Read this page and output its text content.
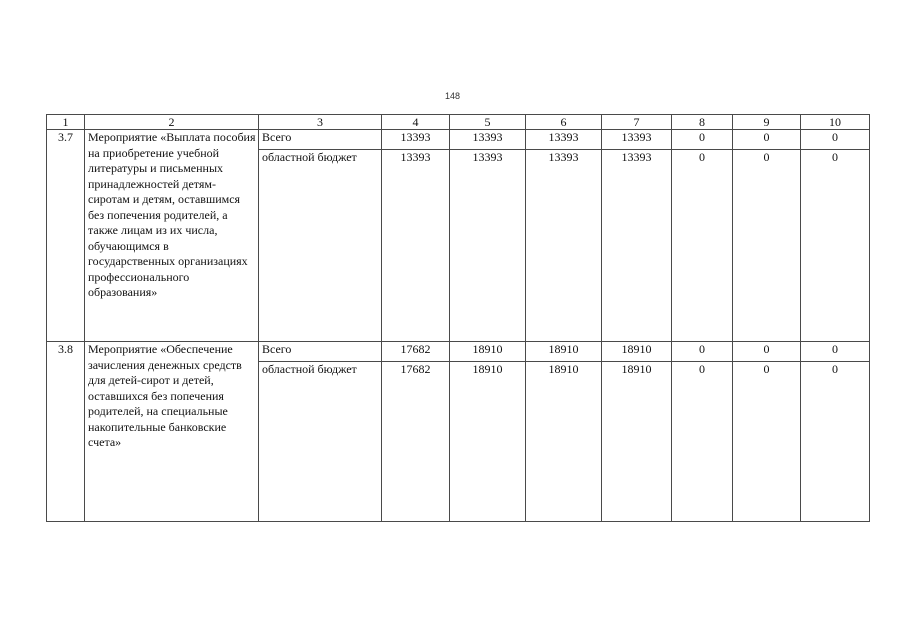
148
1	2	3	4	5	6	7	8	9	10
3.7	Мероприятие «Выплата пособия на приобретение учебной литературы и письменных принадлежностей детям-сиротам и детям, оставшимся без попечения родителей, а также лицам из их числа, обучающимся в государственных организациях профессионального образования»	Всего	13393	13393	13393	13393	0	0	0
		областной бюджет	13393	13393	13393	13393	0	0	0
3.8	Мероприятие «Обеспечение зачисления денежных средств для детей-сирот и детей, оставшихся без попечения родителей, на специальные накопительные банковские счета»	Всего	17682	18910	18910	18910	0	0	0
		областной бюджет	17682	18910	18910	18910	0	0	0
